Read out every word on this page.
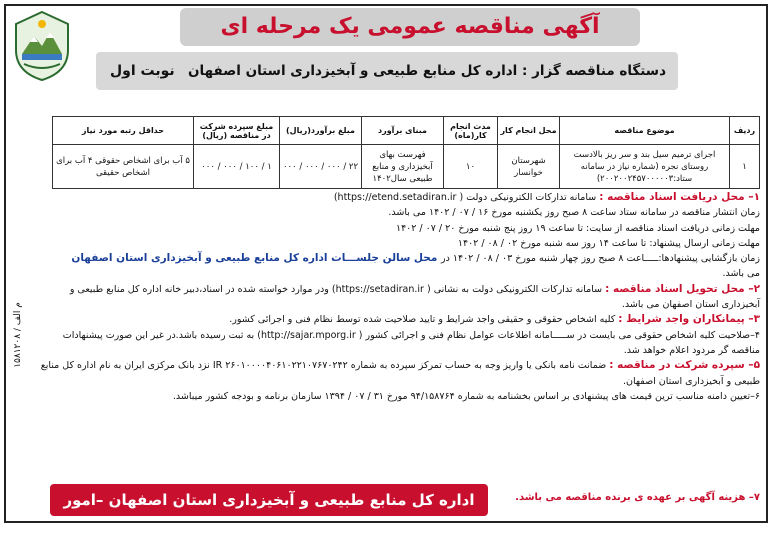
آگهی مناقصه عمومی یک مرحله ای
دستگاه مناقصه گزار : اداره کل منابع طبیعی و آبخیزداری استان اصفهان
نوبت اول
۱۵۸۱۲۰۸ / م الف
ردیف	موضوع مناقصه	محل انجام کار	مدت انجام کار(ماه)	مبنای برآورد	مبلغ برآورد(ریال)	مبلغ سپرده شرکت در مناقصه (ریال)	حداقل رتبه مورد نیاز
۱	اجرای ترمیم سیل بند و سر ریز بالادست روستای نجره (شماره نیاز در سامانه ستاد:۲۰۰۲۰۰۲۴۵۷۰۰۰۰۰۳)	شهرستان خوانسار	۱۰	فهرست بهای آبخیزداری و منابع طبیعی سال۱۴۰۲	۲۲ / ۰۰۰ / ۰۰۰ / ۰۰۰	۱ / ۱۰۰ / ۰۰۰ / ۰۰۰	۵ آب برای اشخاص حقوقی ۴ آب برای اشخاص حقیقی

۱– محل دریافت اسناد مناقصه : سامانه تدارکات الکترونیکی دولت ( https://etend.setadiran.ir)

زمان انتشار مناقصه در سامانه ستاد ساعت ۸ صبح روز یکشنبه مورخ ۱۶ / ۰۷ / ۱۴۰۲ می باشد.

مهلت زمانی دریافت اسناد مناقصه از سایت: تا ساعت ۱۹ روز پنج شنبه مورخ ۲۰ / ۰۷ / ۱۴۰۲

مهلت زمانی ارسال پیشنهاد: تا ساعت ۱۴ روز سه شنبه مورخ ۰۲ / ۰۸ / ۱۴۰۲

زمان بازگشایی پیشنهادها:ـــــاعت ۸ صبح روز چهار شنبه مورخ ۰۳ / ۰۸ / ۱۴۰۲ در محل سالن جلســـات اداره کل منابع طبیعی و آبخیزداری استان اصفهان

می باشد.

۲– محل تحویل اسناد مناقصه : سامانه تدارکات الکترونیکی دولت به نشانی ( https://setadiran.ir) ودر موارد خواسته شده در اسناد،دبیر خانه اداره کل منابع طبیعی و آبخیزداری استان اصفهان می باشد.

۳– پیمانکاران واجد شرایط : کلیه اشخاص حقوقی و حقیقی واجد شرایط و تایید صلاحیت شده توسط نظام فنی و اجرائی کشور.

۴–صلاحیت کلیه اشخاص حقوقی می بایست در ســـــامانه اطلاعات عوامل نظام فنی و اجرائی کشور ( http://sajar.mporg.ir) به ثبت رسیده باشد.در غیر این صورت پیشنهادات مناقصه گر مردود اعلام خواهد شد.

۵– سپرده شرکت در مناقصه : ضمانت نامه بانکی یا واریز وجه به حساب تمرکز سپرده به شماره IR ۲۶۰۱۰۰۰۰۴۰۶۱۰۲۲۱۰۷۶۷۰۲۴۲ نزد بانک مرکزی ایران به نام اداره کل منابع طبیعی و آبخیزداری استان اصفهان.

۶–تعیین دامنه مناسب ترین قیمت های پیشنهادی بر اساس بخشنامه به شماره ۹۴/۱۵۸۷۶۴ مورخ ۳۱ / ۰۷ / ۱۳۹۴ سازمان برنامه و بودجه کشور میباشد.

۷– هزینه آگهی بر عهده ی برنده مناقصه می باشد.
اداره کل منابع طبیعی و آبخیزداری استان اصفهان –امور پیمانها
